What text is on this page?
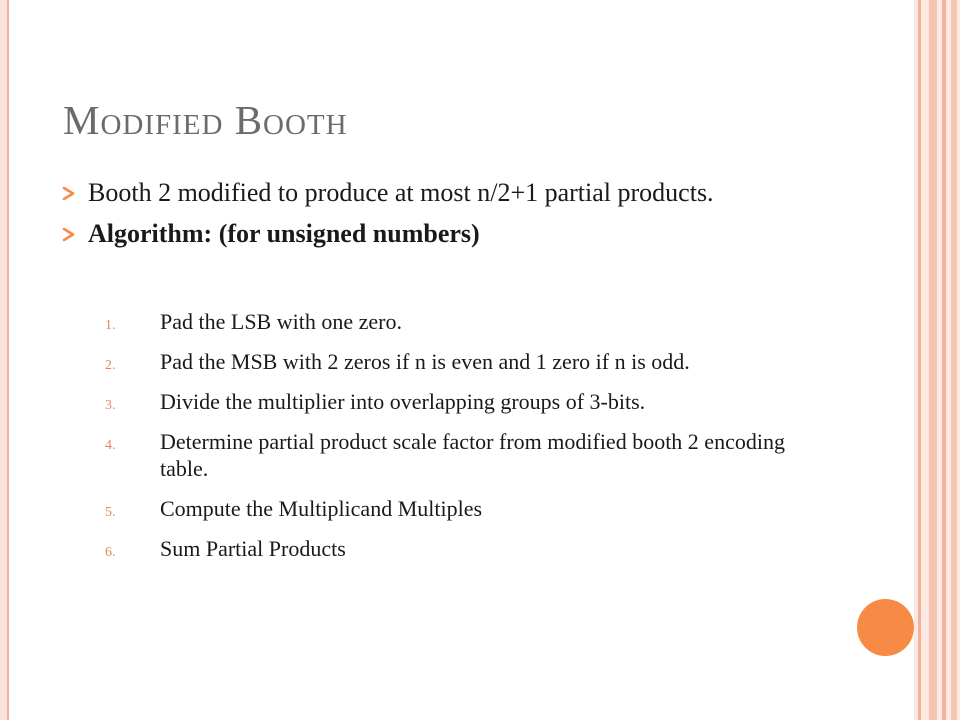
Modified Booth
Booth 2 modified to produce at most n/2+1 partial products.
Algorithm: (for unsigned numbers)
1. Pad the LSB with one zero.
2. Pad the MSB with 2 zeros if n is even and 1 zero if n is odd.
3. Divide the multiplier into overlapping groups of 3-bits.
4. Determine partial product scale factor from modified booth 2 encoding table.
5. Compute the Multiplicand Multiples
6. Sum Partial Products
